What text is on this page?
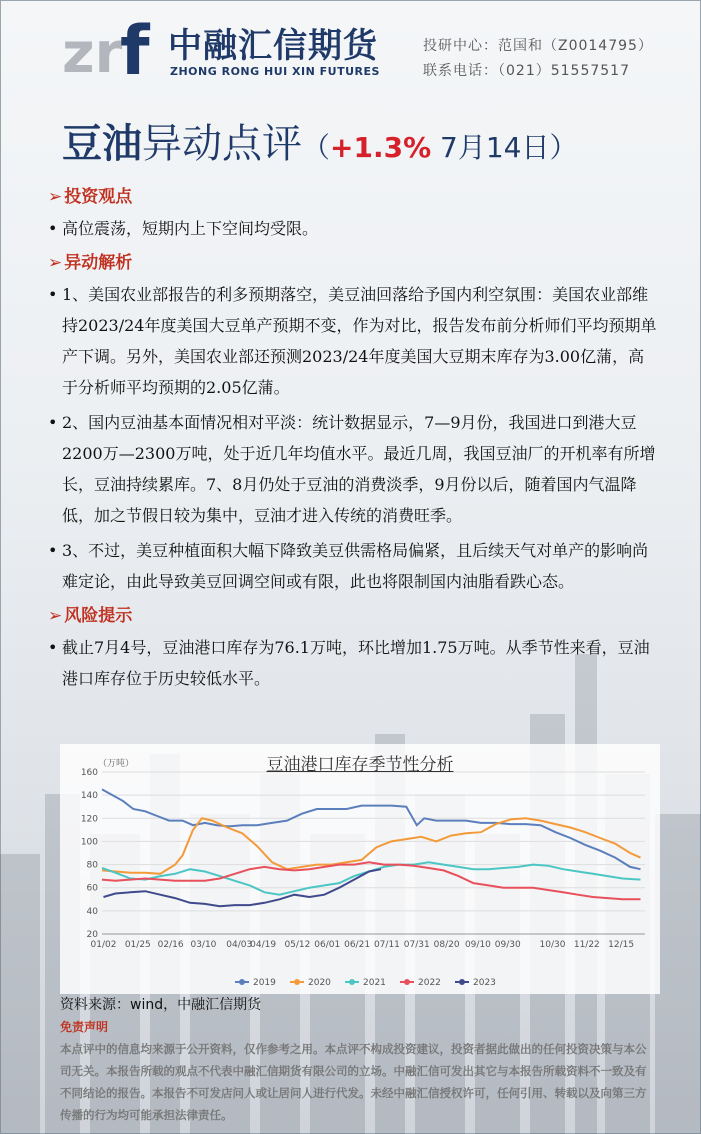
zr
f 中融汇信期货
ZHONG RONG HUI XIN FUTURES
投研中心：范国和（Z0014795）
联系电话：（021）51557517
豆油异动点评（+1.3% 7月14日）
➢ 投资观点
• 高位震荡，短期内上下空间均受限。
➢ 异动解析
• 1、美国农业部报告的利多预期落空，美豆油回落给予国内利空氛围：美国农业部维持2023/24年度美国大豆单产预期不变，作为对比，报告发布前分析师们平均预期单产下调。另外，美国农业部还预测2023/24年度美国大豆期末库存为3.00亿蒲，高于分析师平均预期的2.05亿蒲。
• 2、国内豆油基本面情况相对平淡：统计数据显示，7—9月份，我国进口到港大豆2200万—2300万吨，处于近几年均值水平。最近几周，我国豆油厂的开机率有所增长，豆油持续累库。7、8月仍处于豆油的消费淡季，9月份以后，随着国内气温降低，加之节假日较为集中，豆油才进入传统的消费旺季。
• 3、不过，美豆种植面积大幅下降致美豆供需格局偏紧，且后续天气对单产的影响尚难定论，由此导致美豆回调空间或有限，此也将限制国内油脂看跌心态。
➢ 风险提示
• 截止7月4号，豆油港口库存为76.1万吨，环比增加1.75万吨。从季节性来看，豆油港口库存位于历史较低水平。
豆油港口库存季节性分析
（万吨）
20
40
60
80
100
120
140
160
01/02 01/25 02/16 03/10 04/03
04/19 05/12 06/01 06/21 07/11 07/31 08/20 09/10 09/30 10/30 11/22 12/15
2019	2020	2021	2022	2023
资料来源：wind，中融汇信期货
免责声明
本点评中的信息均来源于公开资料，仅作参考之用。本点评不构成投资建议，投资者据此做出的任何投资决策与本公司无关。本报告所载的观点不代表中融汇信期货有限公司的立场。中融汇信可发出其它与本报告所载资料不一致及有不同结论的报告。本报告不可发店问人或让居问人进行代发。未经中融汇信授权许可，任何引用、转载以及向第三方传播的行为均可能承担法律责任。
